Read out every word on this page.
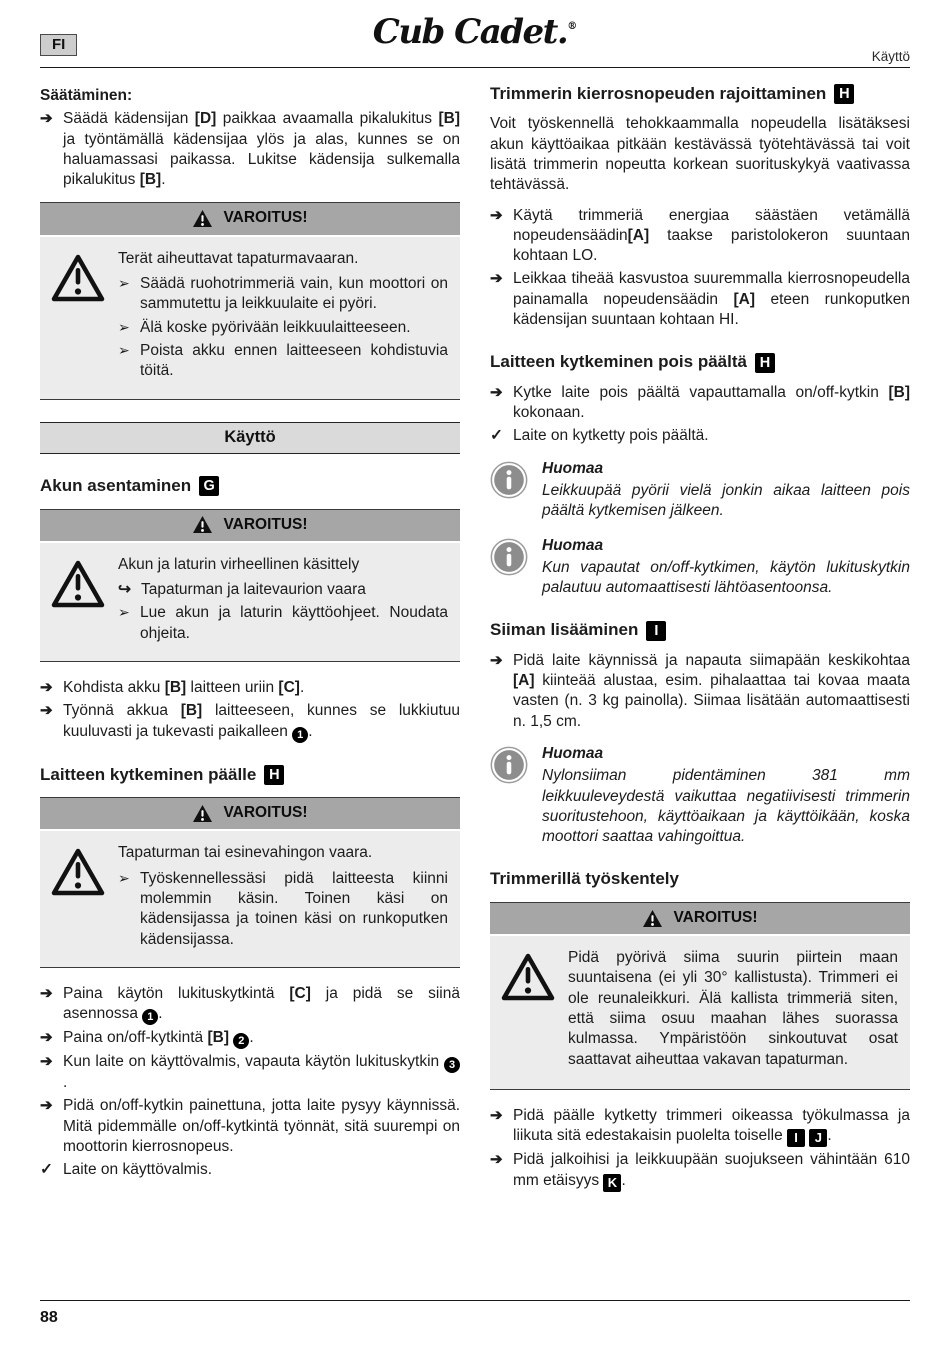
FI	Cub Cadet.®
Käyttö
Säätäminen:
➔ Säädä kädensijan [D] paikkaa avaamalla pikalukitus [B] ja työntämällä kädensijaa ylös ja alas, kunnes se on haluamassasi paikassa. Lukitse kädensija sulkemalla pikalukitus [B].
VAROITUS!

Terät aiheuttavat tapaturmavaaran.

➢ Säädä ruohotrimmeriä vain, kun moottori on sammutettu ja leikkuulaite ei pyöri.
➢ Älä koske pyörivään leikkuulaitteeseen.
➢ Poista akku ennen laitteeseen kohdistuvia töitä.
Käyttö
Akun asentaminen G
VAROITUS!

Akun ja laturin virheellinen käsittely

↪ Tapaturman ja laitevaurion vaara
➢ Lue akun ja laturin käyttöohjeet. Noudata ohjeita.
➔ Kohdista akku [B] laitteen uriin [C].
➔ Työnnä akkua [B] laitteeseen, kunnes se lukkiutuu kuuluvasti ja tukevasti paikalleen 1 .
Laitteen kytkeminen päälle H
VAROITUS!

Tapaturman tai esinevahingon vaara.

➢ Työskennellessäsi pidä laitteesta kiinni molemmin käsin. Toinen käsi on kädensijassa ja toinen käsi on runkoputken kädensijassa.
➔ Paina käytön lukituskytkintä [C] ja pidä se siinä asennossa 1 .
➔ Paina on/off-kytkintä [B] 2 .
➔ Kun laite on käyttövalmis, vapauta käytön lukituskytkin 3.
➔ Pidä on/off-kytkin painettuna, jotta laite pysyy käynnissä. Mitä pidemmälle on/off-kytkintä työnnät, sitä suurempi on moottorin kierrosnopeus.
✓ Laite on käyttövalmis.
Trimmerin kierrosnopeuden rajoittaminen H

Voit työskennellä tehokkaammalla nopeudella lisätäksesi akun käyttöaikaa pitkään kestävässä työtehtävässä tai voit lisätä trimmerin nopeutta korkean suorituskykyä vaativassa tehtävässä.

➔ Käytä trimmeriä energiaa säästäen vetämällä nopeudensäädin[A] taakse paristolokeron suuntaan kohtaan LO.
➔ Leikkaa tiheää kasvustoa suuremmalla kierrosnopeudella painamalla nopeudensäädin [A] eteen runkoputken kädensijan suuntaan kohtaan HI.
Laitteen kytkeminen pois päältä H
➔ Kytke laite pois päältä vapauttamalla on/off-kytkin [B] kokonaan.
✓ Laite on kytketty pois päältä.
Huomaa
Leikkuupää pyörii vielä jonkin aikaa laitteen pois päältä kytkemisen jälkeen.
Huomaa
Kun vapautat on/off-kytkimen, käytön lukituskytkin palautuu automaattisesti lähtöasentoonsa.
Siiman lisääminen	I
➔ Pidä laite käynnissä ja napauta siimapään keskikohtaa [A] kiinteää alustaa, esim. pihalaattaa tai kovaa maata vasten (n. 3 kg painolla). Siimaa lisätään automaattisesti n. 1,5 cm.
Huomaa
Nylonsiiman pidentäminen 381 mm leikkuuleveydestä vaikuttaa negatiivisesti trimmerin suoritustehoon, käyttöaikaan ja käyttöikään, koska moottori saattaa vahingoittua.
Trimmerillä työskentely
VAROITUS!

Pidä pyörivä siima suurin piirtein maan suuntaisena (ei yli 30° kallistusta). Trimmeri ei ole reunaleikkuri. Älä kallista trimmeriä siten, että siima osuu maahan lähes suorassa kulmassa. Ympäristöön sinkoutuvat osat saattavat aiheuttaa vakavan tapaturman.

➔ Pidä päälle kytketty trimmeri oikeassa työkulmassa ja liikuta sitä edestakaisin puolelta toiselle I J .
➔ Pidä jalkoihisi ja leikkuupään suojukseen vähintään 610 mm etäisyys K .
88
